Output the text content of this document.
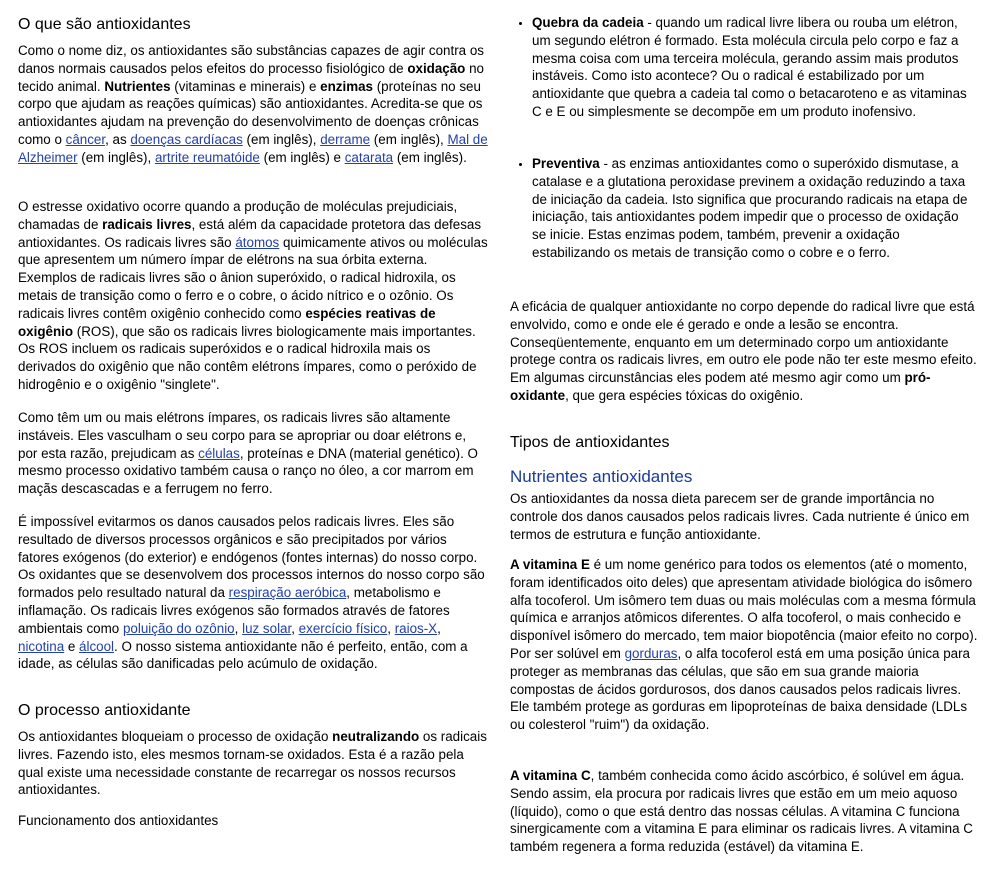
O que são antioxidantes

Como o nome diz, os antioxidantes são substâncias capazes de agir contra os danos normais causados pelos efeitos do processo fisiológico de oxidação no tecido animal. Nutrientes (vitaminas e minerais) e enzimas (proteínas no seu corpo que ajudam as reações químicas) são antioxidantes. Acredita-se que os antioxidantes ajudam na prevenção do desenvolvimento de doenças crônicas como o câncer, as doenças cardíacas (em inglês), derrame (em inglês), Mal de Alzheimer (em inglês), artrite reumatóide (em inglês) e catarata (em inglês).

O estresse oxidativo ocorre quando a produção de moléculas prejudiciais, chamadas de radicais livres, está além da capacidade protetora das defesas antioxidantes. Os radicais livres são átomos quimicamente ativos ou moléculas que apresentem um número ímpar de elétrons na sua órbita externa. Exemplos de radicais livres são o ânion superóxido, o radical hidroxila, os metais de transição como o ferro e o cobre, o ácido nítrico e o ozônio. Os radicais livres contêm oxigênio conhecido como espécies reativas de oxigênio (ROS), que são os radicais livres biologicamente mais importantes. Os ROS incluem os radicais superóxidos e o radical hidroxila mais os derivados do oxigênio que não contêm elétrons ímpares, como o peróxido de hidrogênio e o oxigênio "singlete".

Como têm um ou mais elétrons ímpares, os radicais livres são altamente instáveis. Eles vasculham o seu corpo para se apropriar ou doar elétrons e, por esta razão, prejudicam as células, proteínas e DNA (material genético). O mesmo processo oxidativo também causa o ranço no óleo, a cor marrom em maçãs descascadas e a ferrugem no ferro.

É impossível evitarmos os danos causados pelos radicais livres. Eles são resultado de diversos processos orgânicos e são precipitados por vários fatores exógenos (do exterior) e endógenos (fontes internas) do nosso corpo. Os oxidantes que se desenvolvem dos processos internos do nosso corpo são formados pelo resultado natural da respiração aeróbica, metabolismo e inflamação. Os radicais livres exógenos são formados através de fatores ambientais como poluição do ozônio, luz solar, exercício físico, raios-X, nicotina e álcool. O nosso sistema antioxidante não é perfeito, então, com a idade, as células são danificadas pelo acúmulo de oxidação.

O processo antioxidante

Os antioxidantes bloqueiam o processo de oxidação neutralizando os radicais livres. Fazendo isto, eles mesmos tornam-se oxidados. Esta é a razão pela qual existe uma necessidade constante de recarregar os nossos recursos antioxidantes.

Funcionamento dos antioxidantes

• Quebra da cadeia - quando um radical livre libera ou rouba um elétron, um segundo elétron é formado. Esta molécula circula pelo corpo e faz a mesma coisa com uma terceira molécula, gerando assim mais produtos instáveis. Como isto acontece? Ou o radical é estabilizado por um antioxidante que quebra a cadeia tal como o betacaroteno e as vitaminas C e E ou simplesmente se decompõe em um produto inofensivo.
• Preventiva - as enzimas antioxidantes como o superóxido dismutase, a catalase e a glutationa peroxidase previnem a oxidação reduzindo a taxa de iniciação da cadeia. Isto significa que procurando radicais na etapa de iniciação, tais antioxidantes podem impedir que o processo de oxidação se inicie. Estas enzimas podem, também, prevenir a oxidação estabilizando os metais de transição como o cobre e o ferro.

A eficácia de qualquer antioxidante no corpo depende do radical livre que está envolvido, como e onde ele é gerado e onde a lesão se encontra. Conseqüentemente, enquanto em um determinado corpo um antioxidante protege contra os radicais livres, em outro ele pode não ter este mesmo efeito. Em algumas circunstâncias eles podem até mesmo agir como um pró-oxidante, que gera espécies tóxicas do oxigênio.

Tipos de antioxidantes
Nutrientes antioxidantes

Os antioxidantes da nossa dieta parecem ser de grande importância no controle dos danos causados pelos radicais livres. Cada nutriente é único em termos de estrutura e função antioxidante.

A vitamina E é um nome genérico para todos os elementos (até o momento, foram identificados oito deles) que apresentam atividade biológica do isômero alfa tocoferol. Um isômero tem duas ou mais moléculas com a mesma fórmula química e arranjos atômicos diferentes. O alfa tocoferol, o mais conhecido e disponível isômero do mercado, tem maior biopotência (maior efeito no corpo). Por ser solúvel em gorduras, o alfa tocoferol está em uma posição única para proteger as membranas das células, que são em sua grande maioria compostas de ácidos gordurosos, dos danos causados pelos radicais livres. Ele também protege as gorduras em lipoproteínas de baixa densidade (LDLs ou colesterol "ruim") da oxidação.

A vitamina C, também conhecida como ácido ascórbico, é solúvel em água. Sendo assim, ela procura por radicais livres que estão em um meio aquoso (líquido), como o que está dentro das nossas células. A vitamina C funciona sinergicamente com a vitamina E para eliminar os radicais livres. A vitamina C também regenera a forma reduzida (estável) da vitamina E.
